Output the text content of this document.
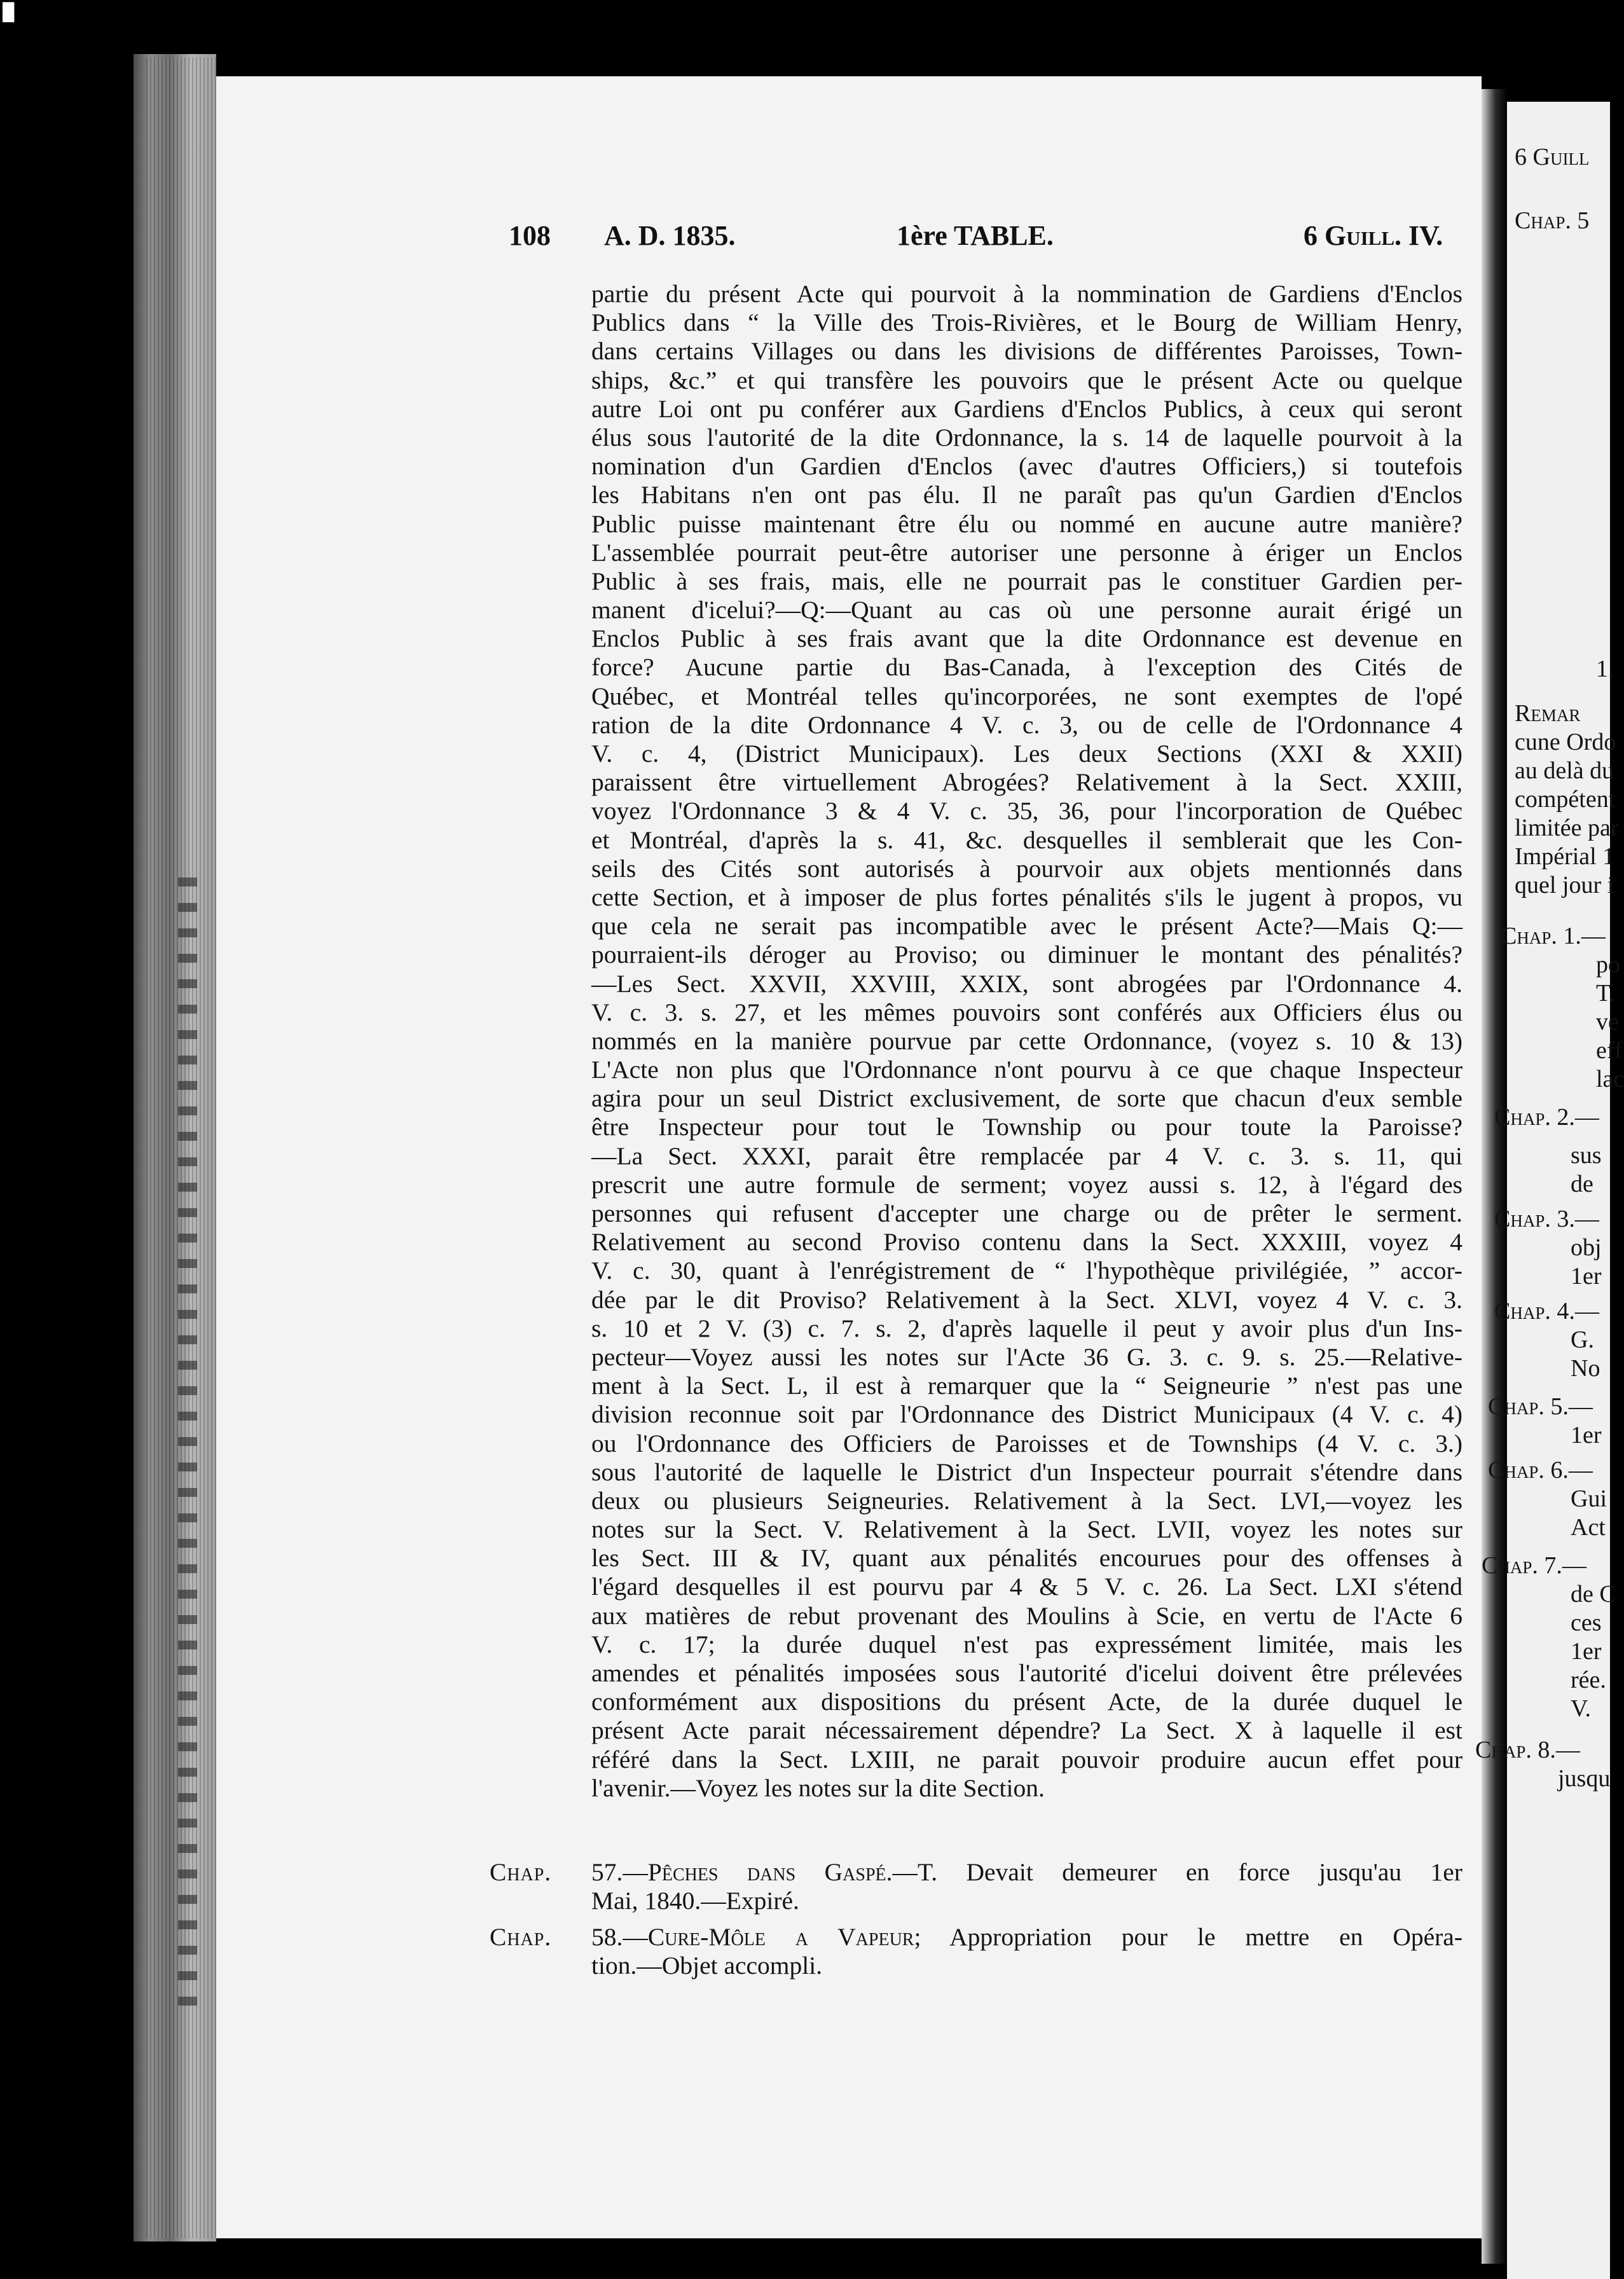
█
108 A. D. 1835.	1ère TABLE.	6 Guill. IV.
partie du présent Acte qui pourvoit à la nommination de Gardiens d'Enclos
Publics dans “ la Ville des Trois-Rivières, et le Bourg de William Henry,
dans certains Villages ou dans les divisions de différentes Paroisses, Town-
ships, &c.” et qui transfère les pouvoirs que le présent Acte ou quelque
autre Loi ont pu conférer aux Gardiens d'Enclos Publics, à ceux qui seront
élus sous l'autorité de la dite Ordonnance, la s. 14 de laquelle pourvoit à la
nomination d'un Gardien d'Enclos (avec d'autres Officiers,) si toutefois
les Habitans n'en ont pas élu. Il ne paraît pas qu'un Gardien d'Enclos
Public puisse maintenant être élu ou nommé en aucune autre manière?
L'assemblée pourrait peut-être autoriser une personne à ériger un Enclos
Public à ses frais, mais, elle ne pourrait pas le constituer Gardien per-
manent d'icelui?—Q:—Quant au cas où une personne aurait érigé un
Enclos Public à ses frais avant que la dite Ordonnance est devenue en
force? Aucune partie du Bas-Canada, à l'exception des Cités de
Québec, et Montréal telles qu'incorporées, ne sont exemptes de l'opé
ration de la dite Ordonnance 4 V. c. 3, ou de celle de l'Ordonnance 4
V. c. 4, (District Municipaux). Les deux Sections (XXI & XXII)
paraissent être virtuellement Abrogées? Relativement à la Sect. XXIII,
voyez l'Ordonnance 3 & 4 V. c. 35, 36, pour l'incorporation de Québec
et Montréal, d'après la s. 41, &c. desquelles il semblerait que les Con-
seils des Cités sont autorisés à pourvoir aux objets mentionnés dans
cette Section, et à imposer de plus fortes pénalités s'ils le jugent à propos, vu
que cela ne serait pas incompatible avec le présent Acte?—Mais Q:—
pourraient-ils déroger au Proviso; ou diminuer le montant des pénalités?
—Les Sect. XXVII, XXVIII, XXIX, sont abrogées par l'Ordonnance 4.
V. c. 3. s. 27, et les mêmes pouvoirs sont conférés aux Officiers élus ou
nommés en la manière pourvue par cette Ordonnance, (voyez s. 10 & 13)
L'Acte non plus que l'Ordonnance n'ont pourvu à ce que chaque Inspecteur
agira pour un seul District exclusivement, de sorte que chacun d'eux semble
être Inspecteur pour tout le Township ou pour toute la Paroisse?
—La Sect. XXXI, parait être remplacée par 4 V. c. 3. s. 11, qui
prescrit une autre formule de serment; voyez aussi s. 12, à l'égard des
personnes qui refusent d'accepter une charge ou de prêter le serment.
Relativement au second Proviso contenu dans la Sect. XXXIII, voyez 4
V. c. 30, quant à l'enrégistrement de “ l'hypothèque privilégiée, ” accor-
dée par le dit Proviso? Relativement à la Sect. XLVI, voyez 4 V. c. 3.
s. 10 et 2 V. (3) c. 7. s. 2, d'après laquelle il peut y avoir plus d'un Ins-
pecteur—Voyez aussi les notes sur l'Acte 36 G. 3. c. 9. s. 25.—Relative-
ment à la Sect. L, il est à remarquer que la “ Seigneurie ” n'est pas une
division reconnue soit par l'Ordonnance des District Municipaux (4 V. c. 4)
ou l'Ordonnance des Officiers de Paroisses et de Townships (4 V. c. 3.)
sous l'autorité de laquelle le District d'un Inspecteur pourrait s'étendre dans
deux ou plusieurs Seigneuries. Relativement à la Sect. LVI,—voyez les
notes sur la Sect. V. Relativement à la Sect. LVII, voyez les notes sur
les Sect. III & IV, quant aux pénalités encourues pour des offenses à
l'égard desquelles il est pourvu par 4 & 5 V. c. 26. La Sect. LXI s'étend
aux matières de rebut provenant des Moulins à Scie, en vertu de l'Acte 6
V. c. 17; la durée duquel n'est pas expressément limitée, mais les
amendes et pénalités imposées sous l'autorité d'icelui doivent être prélevées
conformément aux dispositions du présent Acte, de la durée duquel le
présent Acte parait nécessairement dépendre? La Sect. X à laquelle il est
référé dans la Sect. LXIII, ne parait pouvoir produire aucun effet pour
l'avenir.—Voyez les notes sur la dite Section.
Chap. 57.—Pêches dans Gaspé.—T. Devait demeurer en force jusqu'au 1er
Mai, 1840.—Expiré.
Chap. 58.—Cure-Môle a Vapeur; Appropriation pour le mettre en Opéra-
tion.—Objet accompli.
6 Guill
Chap. 5
1.
Remar
cune Ordo
au delà du
compétent
limitée par
Impérial 1
quel jour i
Chap. 1.—
po
T.
ve
eff
lac
Chap. 2.—
sus
de
Chap. 3.—
obj
1er
Chap. 4.—
G.
No
Chap. 5.—
1er
Chap. 6.—
Gui
Act
Chap. 7.—
de C
ces
1er
rée.
V.
Chap. 8.—
jusqu
